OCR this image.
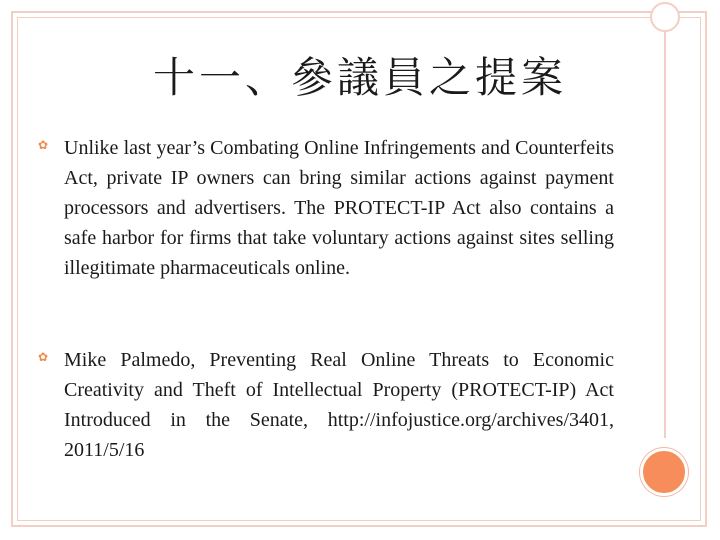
十一、參議員之提案
✿ Unlike last year’s Combating Online Infringements and Counterfeits Act, private IP owners can bring similar actions against payment processors and advertisers. The PROTECT-IP Act also contains a safe harbor for firms that take voluntary actions against sites selling illegitimate pharmaceuticals online.
✿ Mike Palmedo, Preventing Real Online Threats to Economic Creativity and Theft of Intellectual Property (PROTECT-IP) Act Introduced in the Senate, http://infojustice.org/archives/3401, 2011/5/16
